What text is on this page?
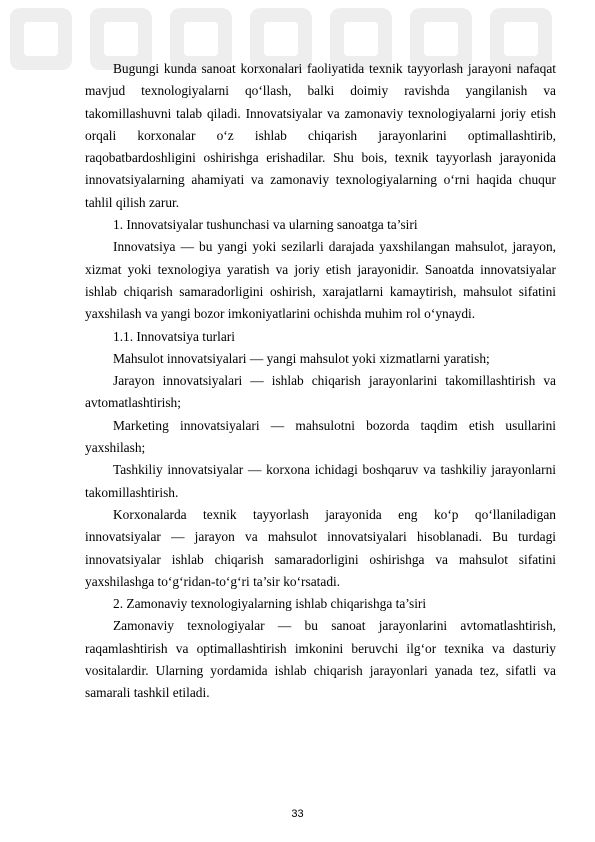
Bugungi kunda sanoat korxonalari faoliyatida texnik tayyorlash jarayoni nafaqat mavjud texnologiyalarni qo‘llash, balki doimiy ravishda yangilanish va takomillashuvni talab qiladi. Innovatsiyalar va zamonaviy texnologiyalarni joriy etish orqali korxonalar o‘z ishlab chiqarish jarayonlarini optimallashtirib, raqobatbardoshligini oshirishga erishadilar. Shu bois, texnik tayyorlash jarayonida innovatsiyalarning ahamiyati va zamonaviy texnologiyalarning o‘rni haqida chuqur tahlil qilish zarur.

1. Innovatsiyalar tushunchasi va ularning sanoatga ta’siri

Innovatsiya — bu yangi yoki sezilarli darajada yaxshilangan mahsulot, jarayon, xizmat yoki texnologiya yaratish va joriy etish jarayonidir. Sanoatda innovatsiyalar ishlab chiqarish samaradorligini oshirish, xarajatlarni kamaytirish, mahsulot sifatini yaxshilash va yangi bozor imkoniyatlarini ochishda muhim rol o‘ynaydi.

1.1. Innovatsiya turlari

Mahsulot innovatsiyalari — yangi mahsulot yoki xizmatlarni yaratish;

Jarayon innovatsiyalari — ishlab chiqarish jarayonlarini takomillashtirish va avtomatlashtirish;

Marketing innovatsiyalari — mahsulotni bozorda taqdim etish usullarini yaxshilash;

Tashkiliy innovatsiyalar — korxona ichidagi boshqaruv va tashkiliy jarayonlarni takomillashtirish.

Korxonalarda texnik tayyorlash jarayonida eng ko‘p qo‘llaniladigan innovatsiyalar — jarayon va mahsulot innovatsiyalari hisoblanadi. Bu turdagi innovatsiyalar ishlab chiqarish samaradorligini oshirishga va mahsulot sifatini yaxshilashga to‘g‘ridan-to‘g‘ri ta’sir ko‘rsatadi.

2. Zamonaviy texnologiyalarning ishlab chiqarishga ta’siri

Zamonaviy texnologiyalar — bu sanoat jarayonlarini avtomatlashtirish, raqamlashtirish va optimallashtirish imkonini beruvchi ilg‘or texnika va dasturiy vositalardir. Ularning yordamida ishlab chiqarish jarayonlari yanada tez, sifatli va samarali tashkil etiladi.

33
